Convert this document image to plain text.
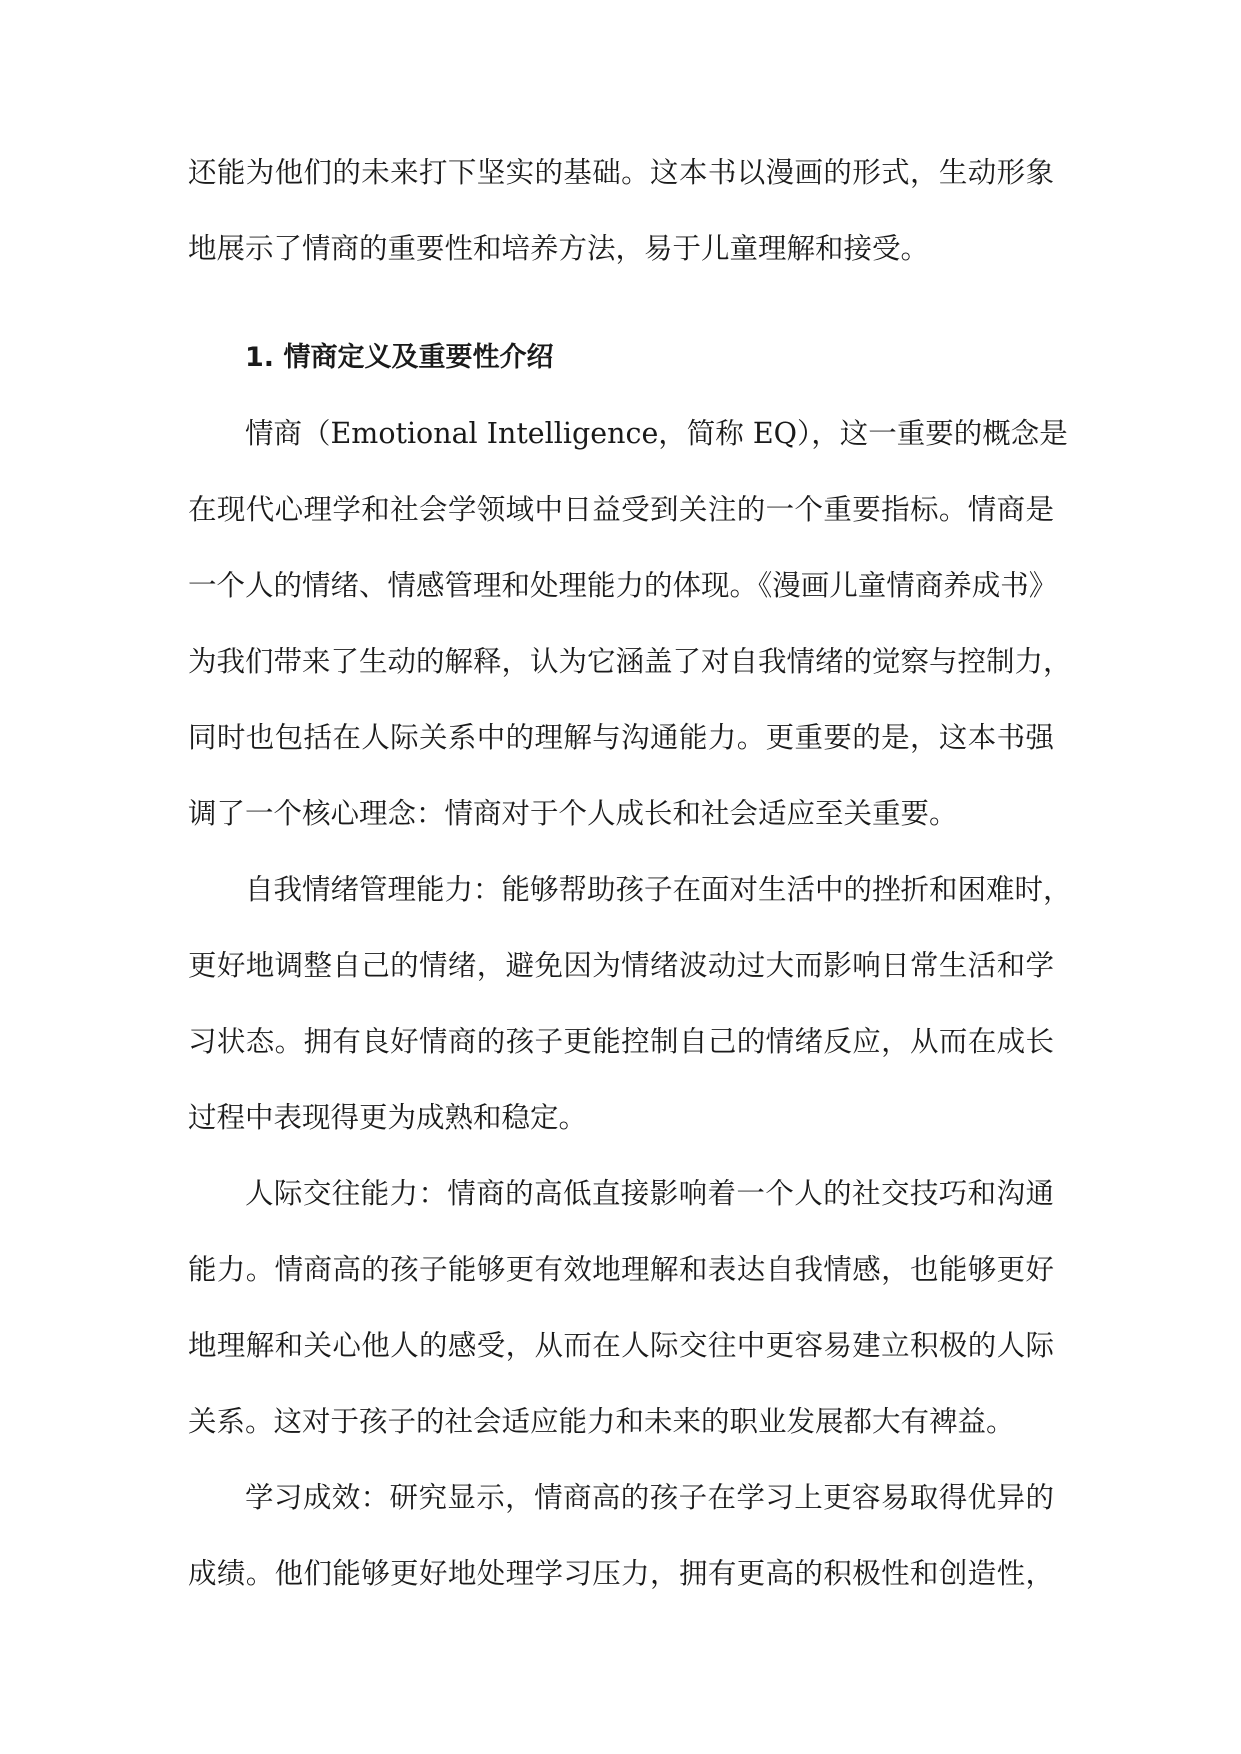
还能为他们的未来打下坚实的基础。这本书以漫画的形式，生动形象
地展示了情商的重要性和培养方法，易于儿童理解和接受。
1. 情商定义及重要性介绍
情商（Emotional Intelligence，简称 EQ），这一重要的概念是
在现代心理学和社会学领域中日益受到关注的一个重要指标。情商是
一个人的情绪、情感管理和处理能力的体现。《漫画儿童情商养成书》
为我们带来了生动的解释，认为它涵盖了对自我情绪的觉察与控制力，
同时也包括在人际关系中的理解与沟通能力。更重要的是，这本书强
调了一个核心理念：情商对于个人成长和社会适应至关重要。
自我情绪管理能力：能够帮助孩子在面对生活中的挫折和困难时，
更好地调整自己的情绪，避免因为情绪波动过大而影响日常生活和学
习状态。拥有良好情商的孩子更能控制自己的情绪反应，从而在成长
过程中表现得更为成熟和稳定。
人际交往能力：情商的高低直接影响着一个人的社交技巧和沟通
能力。情商高的孩子能够更有效地理解和表达自我情感，也能够更好
地理解和关心他人的感受，从而在人际交往中更容易建立积极的人际
关系。这对于孩子的社会适应能力和未来的职业发展都大有裨益。
学习成效：研究显示，情商高的孩子在学习上更容易取得优异的
成绩。他们能够更好地处理学习压力，拥有更高的积极性和创造性，
